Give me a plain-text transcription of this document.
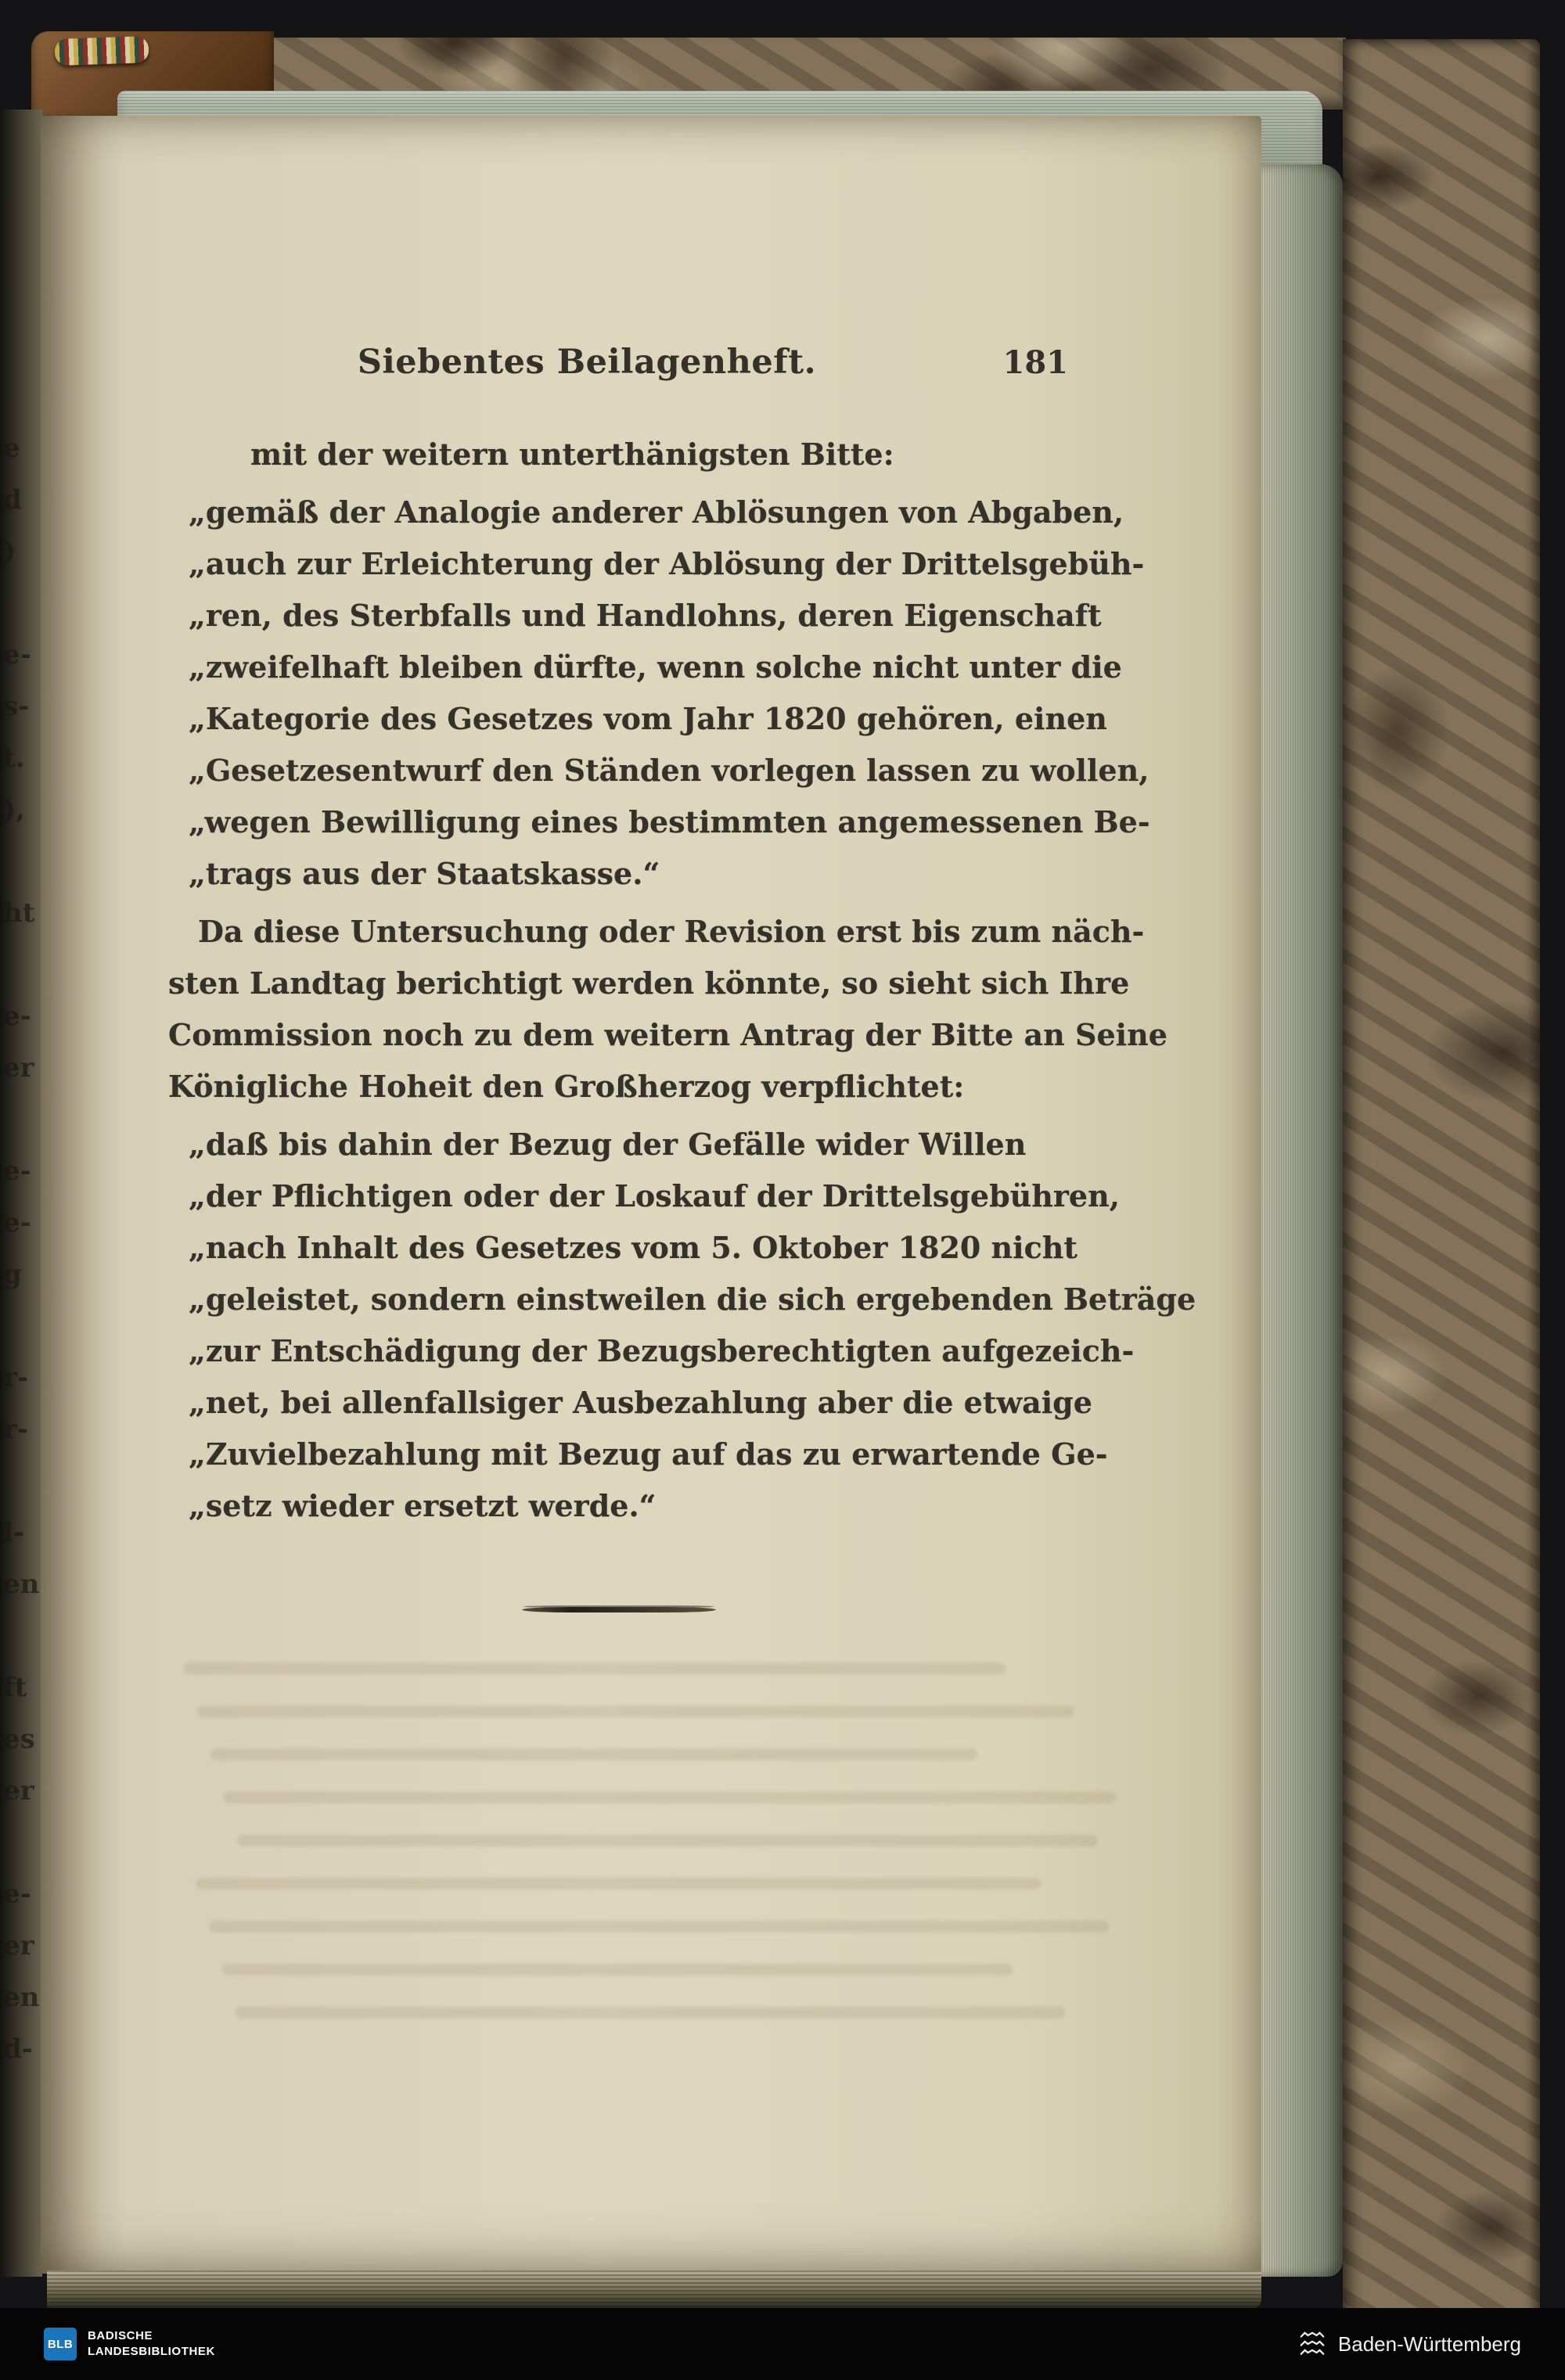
e
d
)
e-
s-
t.
),
ht
e-
er
e-
e-
g
r-
r-
l-
en
ft
es
er
e-
er
en
d-
Siebentes Beilagenheft.	181
mit der weitern unterthänigsten Bitte:
„gemäß der Analogie anderer Ablösungen von Abgaben,
„auch zur Erleichterung der Ablösung der Drittelsgebüh-
„ren, des Sterbfalls und Handlohns, deren Eigenschaft
„zweifelhaft bleiben dürfte, wenn solche nicht unter die
„Kategorie des Gesetzes vom Jahr 1820 gehören, einen
„Gesetzesentwurf den Ständen vorlegen lassen zu wollen,
„wegen Bewilligung eines bestimmten angemessenen Be-
„trags aus der Staatskasse.“
Da diese Untersuchung oder Revision erst bis zum näch-
sten Landtag berichtigt werden könnte, so sieht sich Ihre
Commission noch zu dem weitern Antrag der Bitte an Seine
Königliche Hoheit den Großherzog verpflichtet:
„daß bis dahin der Bezug der Gefälle wider Willen
„der Pflichtigen oder der Loskauf der Drittelsgebühren,
„nach Inhalt des Gesetzes vom 5. Oktober 1820 nicht
„geleistet, sondern einstweilen die sich ergebenden Beträge
„zur Entschädigung der Bezugsberechtigten aufgezeich-
„net, bei allenfallsiger Ausbezahlung aber die etwaige
„Zuvielbezahlung mit Bezug auf das zu erwartende Ge-
„setz wieder ersetzt werde.“
BLB
BADISCHE
LANDESBIBLIOTHEK	Baden-Württemberg
